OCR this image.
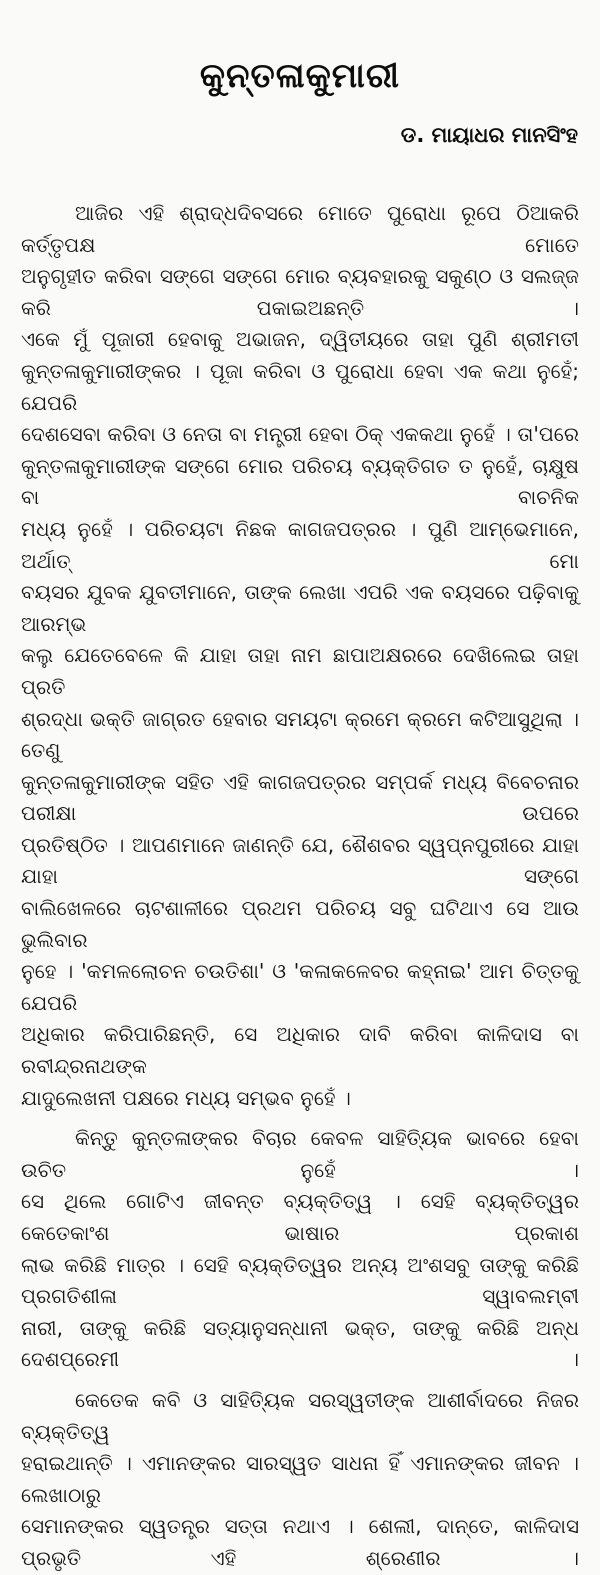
କୁନ୍ତଳାକୁମାରୀ
ଡ. ମାୟାଧର ମାନସିଂହ
ଆଜିର ଏହି ଶ୍ରାଦ୍ଧଦିବସରେ ମୋତେ ପୁରୋଧା ରୂପେ ଠିଆକରି କର୍ତ୍ତୃପକ୍ଷ ମୋତେ
ଅନୁଗୃହୀତ କରିବା ସଙ୍ଗେ ସଙ୍ଗେ ମୋର ବ୍ୟବହାରକୁ ସକୁଣ୍ଠ ଓ ସଲଜ୍ଜ କରି ପକାଇଅଛନ୍ତି ।
ଏକେ ମୁଁ ପୂଜାରୀ ହେବାକୁ ଅଭାଜନ, ଦ୍ୱିତୀୟରେ ତାହା ପୁଣି ଶ୍ରୀମତୀ
କୁନ୍ତଳାକୁମାରୀଙ୍କର । ପୂଜା କରିବା ଓ ପୁରୋଧା ହେବା ଏକ କଥା ନୁହେଁ; ଯେପରି
ଦେଶସେବା କରିବା ଓ ନେତା ବା ମନ୍ତ୍ରୀ ହେବା ଠିକ୍ ଏକକଥା ନୁହେଁ । ତା'ପରେ
କୁନ୍ତଳାକୁମାରୀଙ୍କ ସଙ୍ଗେ ମୋର ପରିଚୟ ବ୍ୟକ୍ତିଗତ ତ ନୁହେଁ, ଚାକ୍ଷୁଷ ବା ବାଚନିକ
ମଧ୍ୟ ନୁହେଁ । ପରିଚୟଟା ନିଛକ କାଗଜପତ୍ରର । ପୁଣି ଆମ୍ଭେମାନେ, ଅର୍ଥାତ୍ ମୋ
ବୟସର ଯୁବକ ଯୁବତୀମାନେ, ତାଙ୍କ ଲେଖା ଏପରି ଏକ ବୟସରେ ପଢ଼ିବାକୁ ଆରମ୍ଭ
କଲୁ ଯେତେବେଳେ କି ଯାହା ତାହା ନାମ ଛାପାଅକ୍ଷରରେ ଦେଖିଲେଇ ତାହା ପ୍ରତି
ଶ୍ରଦ୍ଧା ଭକ୍ତି ଜାଗ୍ରତ ହେବାର ସମୟଟା କ୍ରମେ କ୍ରମେ କଟିଆସୁଥିଲା । ତେଣୁ
କୁନ୍ତଳାକୁମାରୀଙ୍କ ସହିତ ଏହି କାଗଜପତ୍ରର ସମ୍ପର୍କ ମଧ୍ୟ ବିବେଚନାର ପରୀକ୍ଷା ଉପରେ
ପ୍ରତିଷ୍ଠିତ । ଆପଣମାନେ ଜାଣନ୍ତି ଯେ, ଶୈଶବର ସ୍ୱପ୍ନପୁରୀରେ ଯାହା ଯାହା ସଙ୍ଗେ
ବାଲିଖେଳରେ ଚାଟଶାଳୀରେ ପ୍ରଥମ ପରିଚୟ ସବୁ ଘଟିଥାଏ ସେ ଆଉ ଭୁଲିବାର
ନୁହେ । 'କମଳଲୋଚନ ଚଉତିଶା' ଓ 'କଳାକଳେବର କହ୍ନାଇ' ଆମ ଚିତ୍ତକୁ ଯେପରି
ଅଧିକାର କରିପାରିଛନ୍ତି, ସେ ଅଧିକାର ଦାବି କରିବା କାଳିଦାସ ବା ରବୀନ୍ଦ୍ରନାଥଙ୍କ
ଯାଦୁଲେଖନୀ ପକ୍ଷରେ ମଧ୍ୟ ସମ୍ଭବ ନୁହେଁ ।
କିନ୍ତୁ କୁନ୍ତଳାଙ୍କର ବିଚାର କେବଳ ସାହିତ୍ୟିକ ଭାବରେ ହେବା ଉଚିତ ନୁହେଁ ।
ସେ ଥିଲେ ଗୋଟିଏ ଜୀବନ୍ତ ବ୍ୟକ୍ତିତ୍ୱ । ସେହି ବ୍ୟକ୍ତିତ୍ୱର କେତେକାଂଶ ଭାଷାର ପ୍ରକାଶ
ଲାଭ କରିଛି ମାତ୍ର । ସେହି ବ୍ୟକ୍ତିତ୍ୱର ଅନ୍ୟ ଅଂଶସବୁ ତାଙ୍କୁ କରିଛି ପ୍ରଗତିଶୀଳା ସ୍ୱାବଲମ୍ବୀ
ନାରୀ, ତାଙ୍କୁ କରିଛି ସତ୍ୟାନୁସନ୍ଧାନୀ ଭକ୍ତ, ତାଙ୍କୁ କରିଛି ଅନ୍ଧ ଦେଶପ୍ରେମୀ ।
କେତେକ କବି ଓ ସାହିତ୍ୟିକ ସରସ୍ୱତୀଙ୍କ ଆଶୀର୍ବାଦରେ ନିଜର ବ୍ୟକ୍ତିତ୍ୱ
ହରାଇଥାନ୍ତି । ଏମାନଙ୍କର ସାରସ୍ୱତ ସାଧନା ହିଁ ଏମାନଙ୍କର ଜୀବନ । ଲେଖାଠାରୁ
ସେମାନଙ୍କର ସ୍ୱତନ୍ତ୍ର ସତ୍ତା ନଥାଏ । ଶେଲୀ, ଦାନ୍ତେ, କାଳିଦାସ ପ୍ରଭୃତି ଏହି ଶ୍ରେଣୀର ।
